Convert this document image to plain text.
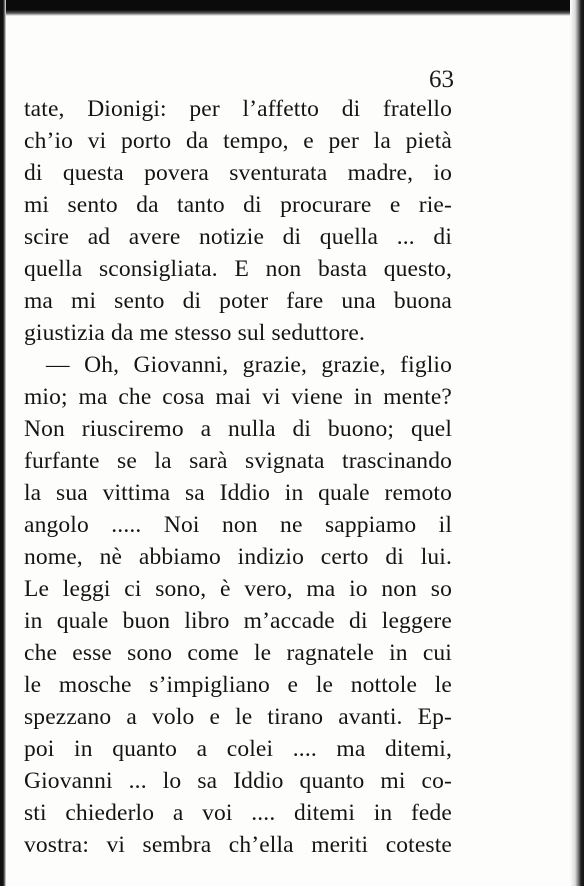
63
tate, Dionigi: per l’affetto di fratello
ch’io vi porto da tempo, e per la pietà
di questa povera sventurata madre, io
mi sento da tanto di procurare e rie-
scire ad avere notizie di quella ... di
quella sconsigliata. E non basta questo,
ma mi sento di poter fare una buona
giustizia da me stesso sul seduttore.
— Oh, Giovanni, grazie, grazie, figlio
mio; ma che cosa mai vi viene in mente?
Non riusciremo a nulla di buono; quel
furfante se la sarà svignata trascinando
la sua vittima sa Iddio in quale remoto
angolo ..... Noi non ne sappiamo il
nome, nè abbiamo indizio certo di lui.
Le leggi ci sono, è vero, ma io non so
in quale buon libro m’accade di leggere
che esse sono come le ragnatele in cui
le mosche s’impigliano e le nottole le
spezzano a volo e le tirano avanti. Ep-
poi in quanto a colei .... ma ditemi,
Giovanni ... lo sa Iddio quanto mi co-
sti chiederlo a voi .... ditemi in fede
vostra: vi sembra ch’ella meriti coteste
